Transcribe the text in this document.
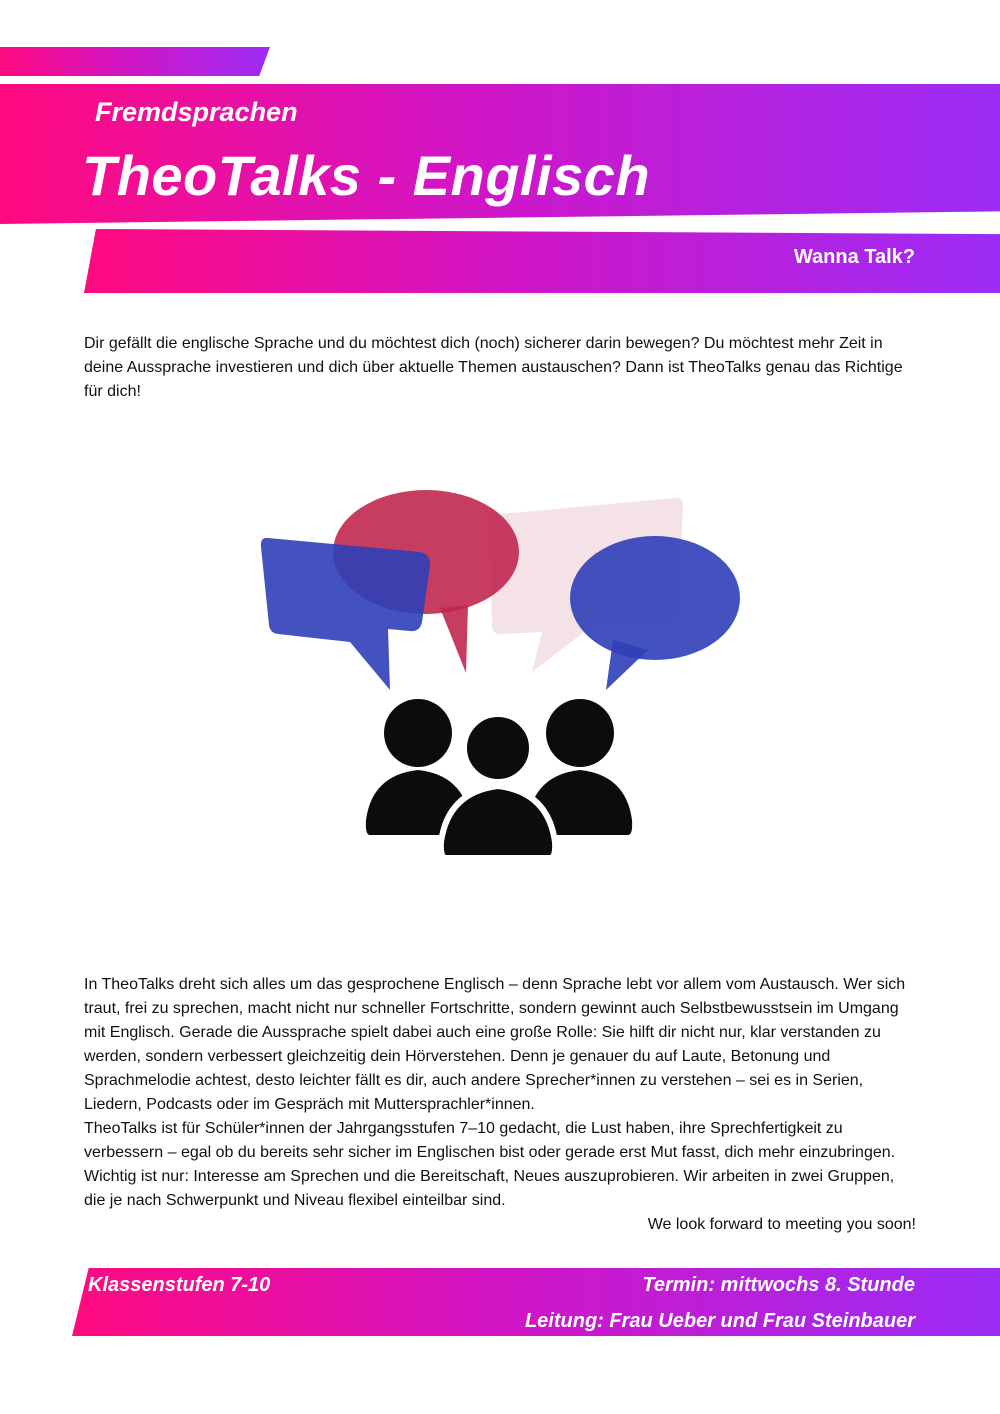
Fremdsprachen
TheoTalks - Englisch
Wanna Talk?
Dir gefällt die englische Sprache und du möchtest dich (noch) sicherer darin bewegen? Du möchtest mehr Zeit in deine Aussprache investieren und dich über aktuelle Themen austauschen? Dann ist TheoTalks genau das Richtige für dich!

In TheoTalks dreht sich alles um das gesprochene Englisch – denn Sprache lebt vor allem vom Austausch. Wer sich traut, frei zu sprechen, macht nicht nur schneller Fortschritte, sondern gewinnt auch Selbstbewusstsein im Umgang mit Englisch. Gerade die Aussprache spielt dabei auch eine große Rolle: Sie hilft dir nicht nur, klar verstanden zu werden, sondern verbessert gleichzeitig dein Hörverstehen. Denn je genauer du auf Laute, Betonung und Sprachmelodie achtest, desto leichter fällt es dir, auch andere Sprecher*innen zu verstehen – sei es in Serien, Liedern, Podcasts oder im Gespräch mit Muttersprachler*innen.

TheoTalks ist für Schüler*innen der Jahrgangsstufen 7–10 gedacht, die Lust haben, ihre Sprechfertigkeit zu verbessern – egal ob du bereits sehr sicher im Englischen bist oder gerade erst Mut fasst, dich mehr einzubringen. Wichtig ist nur: Interesse am Sprechen und die Bereitschaft, Neues auszuprobieren. Wir arbeiten in zwei Gruppen, die je nach Schwerpunkt und Niveau flexibel einteilbar sind.

We look forward to meeting you soon!

Klassenstufen 7-10	Termin: mittwochs 8. Stunde
Leitung: Frau Ueber und Frau Steinbauer
